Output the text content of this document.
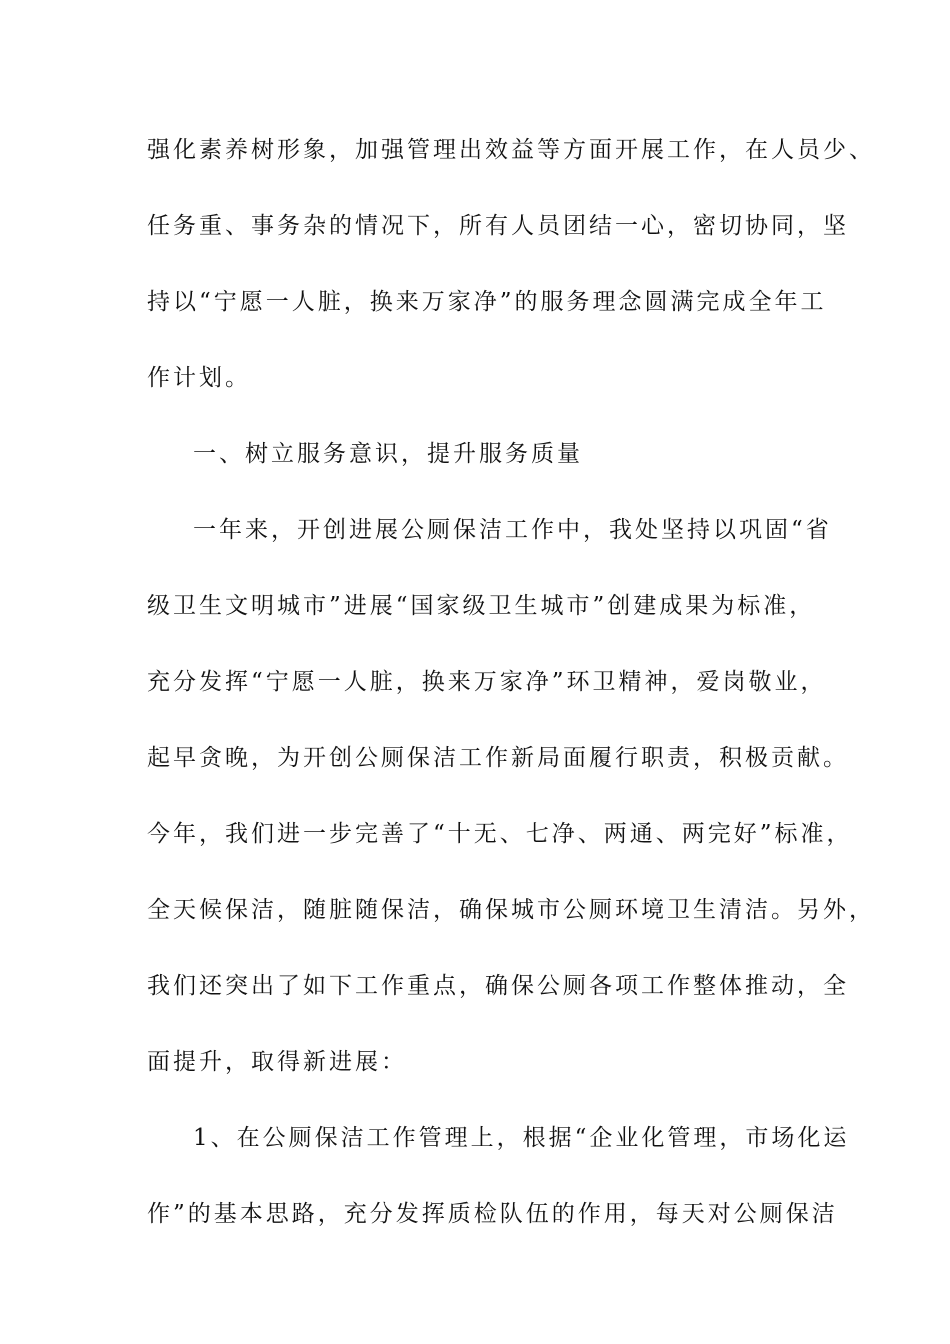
强化素养树形象，加强管理出效益等方面开展工作，在人员少、
任务重、事务杂的情况下，所有人员团结一心，密切协同，坚
持以“宁愿一人脏，换来万家净”的服务理念圆满完成全年工
作计划。
一、树立服务意识，提升服务质量
一年来，开创进展公厕保洁工作中，我处坚持以巩固“省
级卫生文明城市”进展“国家级卫生城市”创建成果为标准，
充分发挥“宁愿一人脏，换来万家净”环卫精神，爱岗敬业，
起早贪晚，为开创公厕保洁工作新局面履行职责，积极贡献。
今年，我们进一步完善了“十无、七净、两通、两完好”标准，
全天候保洁，随脏随保洁，确保城市公厕环境卫生清洁。另外，
我们还突出了如下工作重点，确保公厕各项工作整体推动，全
面提升，取得新进展：
1、在公厕保洁工作管理上，根据“企业化管理，市场化运
作”的基本思路，充分发挥质检队伍的作用，每天对公厕保洁
